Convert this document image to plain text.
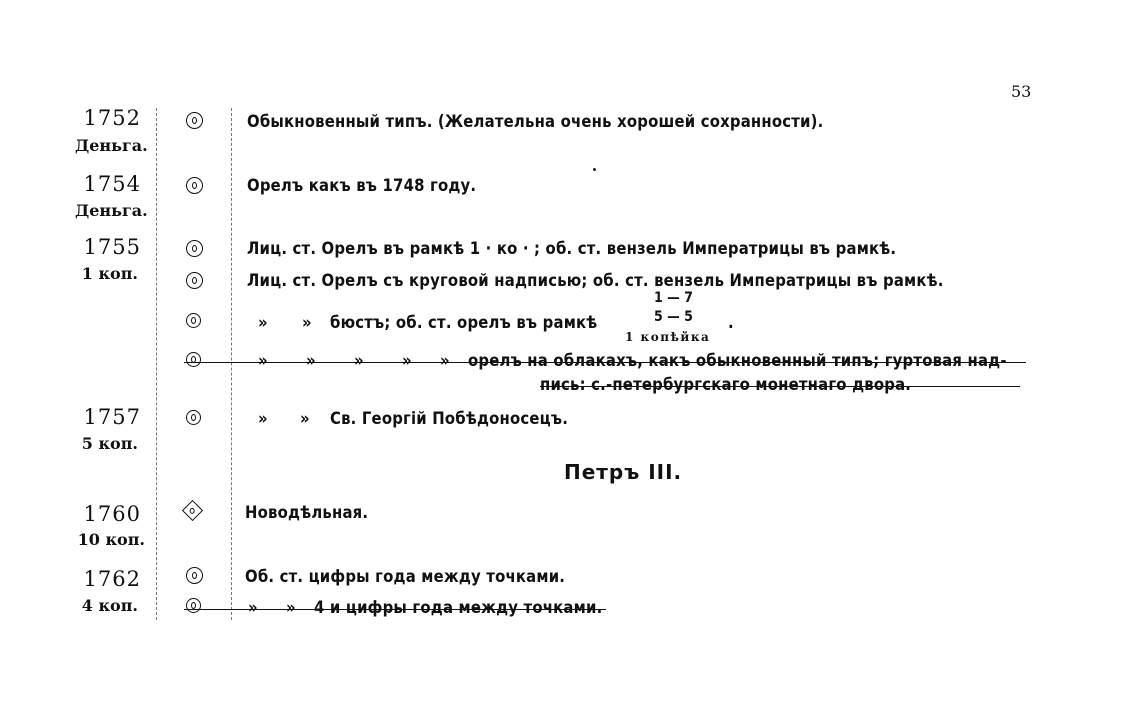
53
1752
Деньга.
Обыкновенный типъ. (Желательна очень хорошей сохранности).
1754
Деньга.
Орелъ какъ въ 1748 году.
1755
1 коп.
Лиц. ст. Орелъ въ рамкѣ 1 · ко · ; об. ст. вензель Императрицы въ рамкѣ.
Лиц. ст. Орелъ съ круговой надписью; об. ст. вензель Императрицы въ рамкѣ.
1 — 7
» » бюстъ; об. ст. орелъ въ рамкѣ	5 — 5 .
1 копѣйка
» » » » » орелъ на облакахъ, какъ обыкновенный типъ; гуртовая над-
пись: с.-петербургскаго монетнаго двора.
1757
5 коп.
» » Св. Георгій Побѣдоносецъ.
Петръ III.
1760
10 коп.
Новодѣльная.
1762
4 коп.
Об. ст. цифры года между точками.
» » 4 и цифры года между точками.
